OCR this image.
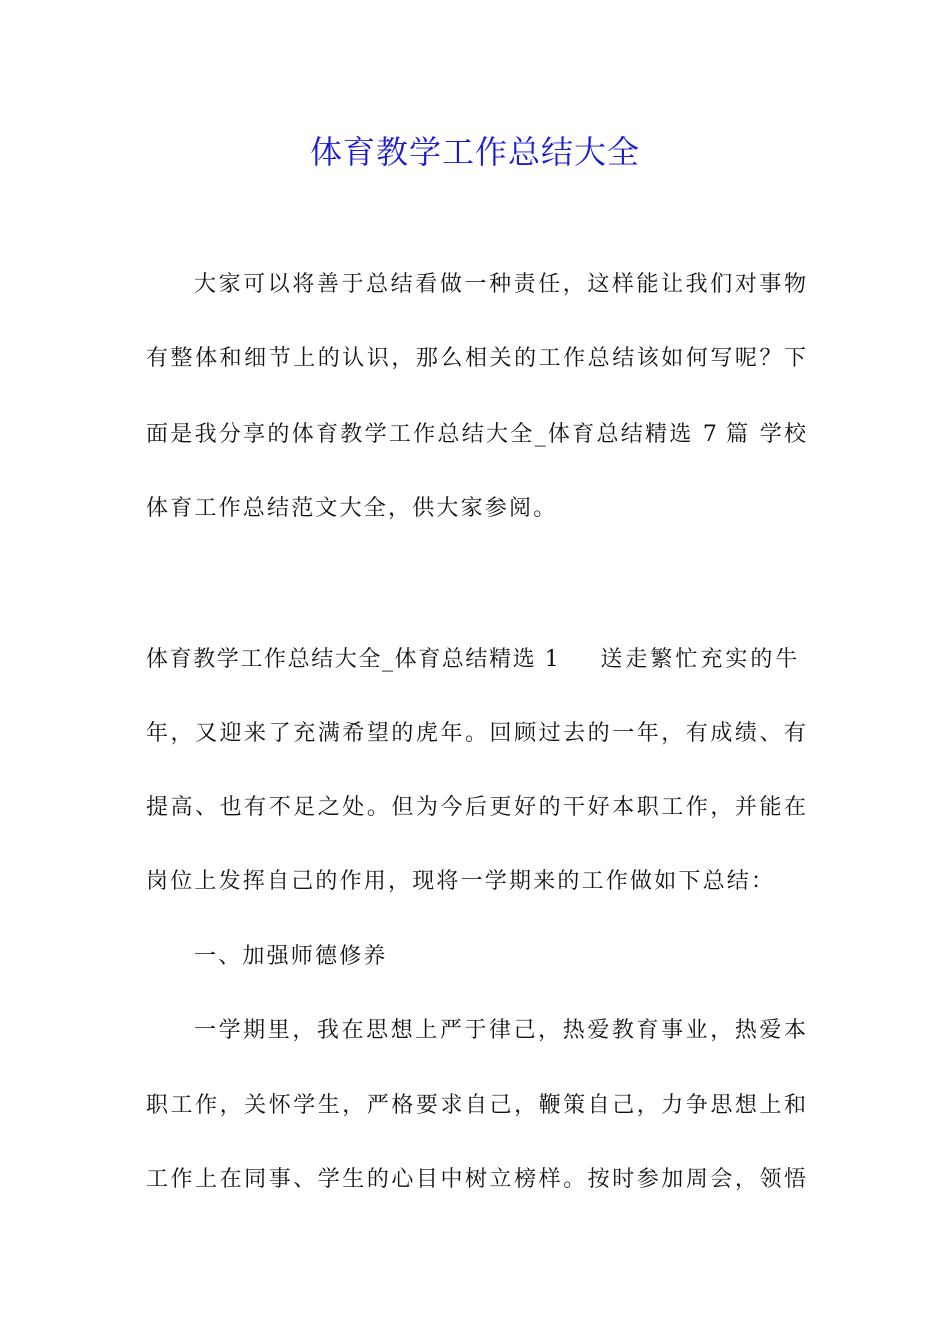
体育教学工作总结大全

大家可以将善于总结看做一种责任，这样能让我们对事物

有整体和细节上的认识，那么相关的工作总结该如何写呢？下

面是我分享的体育教学工作总结大全_体育总结精选 7 篇 学校

体育工作总结范文大全，供大家参阅。

体育教学工作总结大全_体育总结精选 1 送走繁忙充实的牛

年，又迎来了充满希望的虎年。回顾过去的一年，有成绩、有

提高、也有不足之处。但为今后更好的干好本职工作，并能在

岗位上发挥自己的作用，现将一学期来的工作做如下总结：

一、加强师德修养

一学期里，我在思想上严于律己，热爱教育事业，热爱本

职工作，关怀学生，严格要求自己，鞭策自己，力争思想上和

工作上在同事、学生的心目中树立榜样。按时参加周会，领悟
